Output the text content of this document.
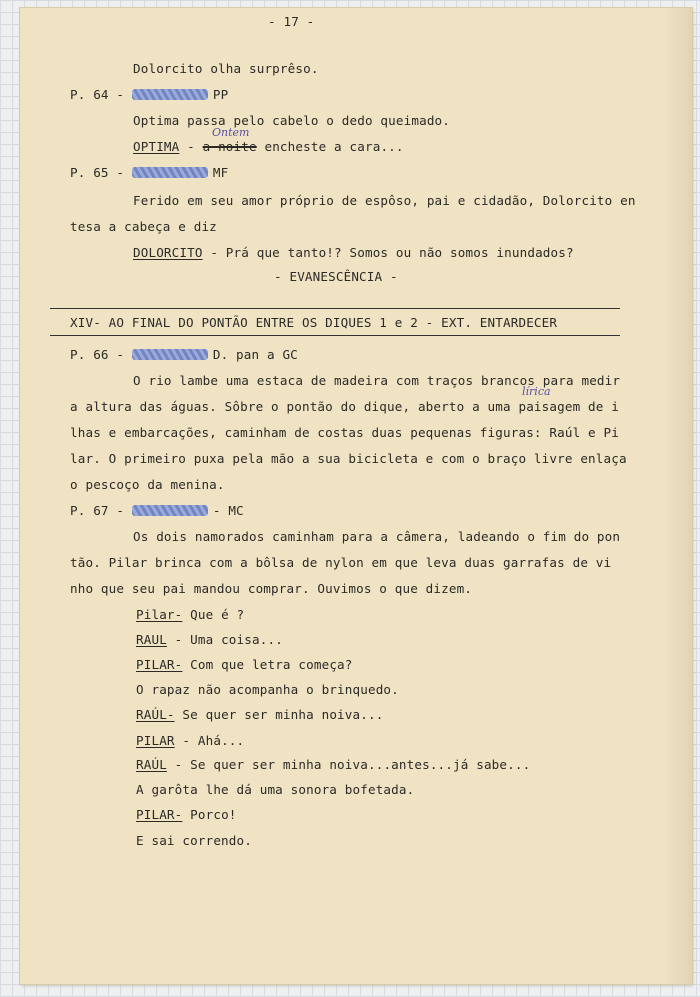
- 17 -
Dolorcito olha surprêso.
P. 64 -	PP
Optima passa pelo cabelo o dedo queimado.
Ontem
OPTIMA - a noite encheste a cara...
P. 65 -	MF
Ferido em seu amor próprio de espôso, pai e cidadão, Dolorcito en
tesa a cabeça e diz
DOLORCITO - Prá que tanto!? Somos ou não somos inundados?
- EVANESCÊNCIA -
XIV- AO FINAL DO PONTÃO ENTRE OS DIQUES 1 e 2 - EXT. ENTARDECER
P. 66 -	D. pan a GC
O rio lambe uma estaca de madeira com traços brancos para medir
lírica
a altura das águas. Sôbre o pontão do dique, aberto a uma paisagem de i
lhas e embarcações, caminham de costas duas pequenas figuras: Raúl e Pi
lar. O primeiro puxa pela mão a sua bicicleta e com o braço livre enlaça
o pescoço da menina.
P. 67 -	- MC
Os dois namorados caminham para a câmera, ladeando o fim do pon
tão. Pilar brinca com a bôlsa de nylon em que leva duas garrafas de vi
nho que seu pai mandou comprar. Ouvimos o que dizem.
Pilar- Que é ?
RAUL - Uma coisa...
PILAR- Com que letra começa?
O rapaz não acompanha o brinquedo.
RAÚL- Se quer ser minha noiva...
PILAR - Ahá...
RAÚL - Se quer ser minha noiva...antes...já sabe...
A garôta lhe dá uma sonora bofetada.
PILAR- Porco!
E sai correndo.
